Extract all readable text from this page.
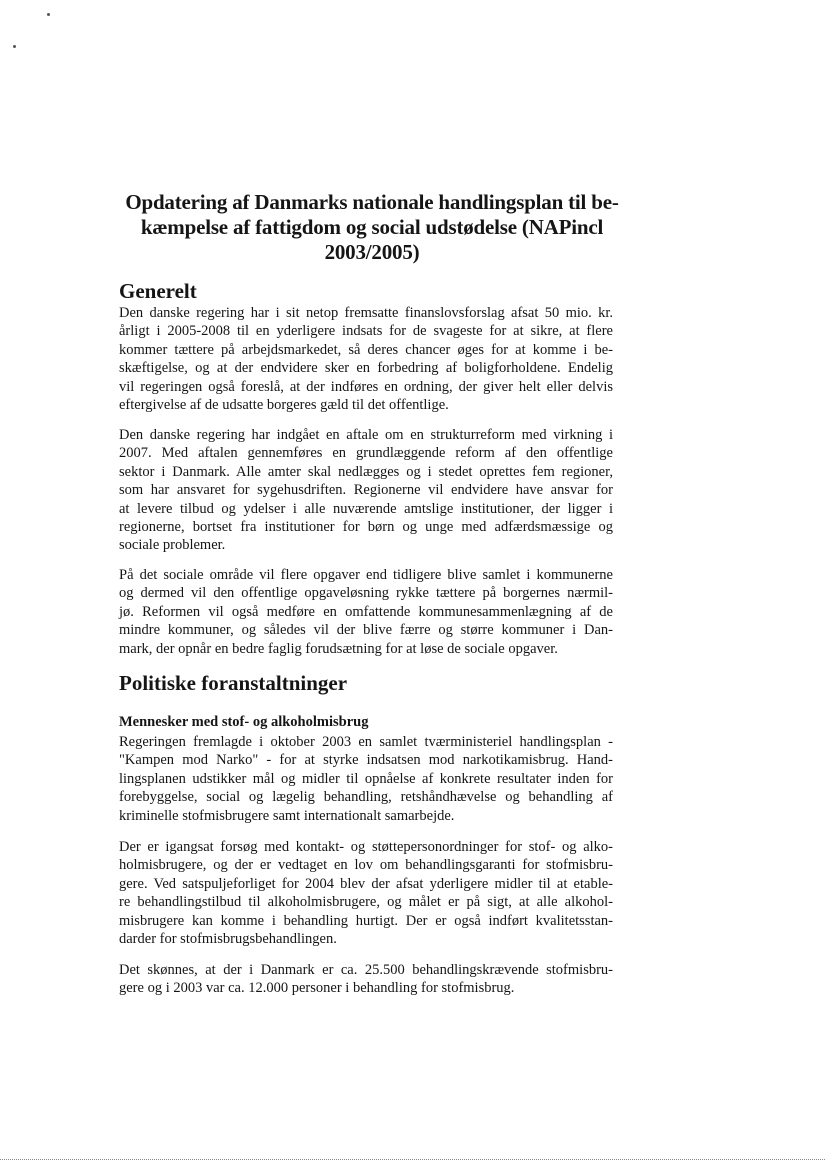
Opdatering af Danmarks nationale handlingsplan til be-
kæmpelse af fattigdom og social udstødelse (NAPincl
2003/2005)
Generelt

Den danske regering har i sit netop fremsatte finanslovsforslag afsat 50 mio. kr.
årligt i 2005-2008 til en yderligere indsats for de svageste for at sikre, at flere
kommer tættere på arbejdsmarkedet, så deres chancer øges for at komme i be-
skæftigelse, og at der endvidere sker en forbedring af boligforholdene. Endelig
vil regeringen også foreslå, at der indføres en ordning, der giver helt eller delvis
eftergivelse af de udsatte borgeres gæld til det offentlige.

Den danske regering har indgået en aftale om en strukturreform med virkning i
2007. Med aftalen gennemføres en grundlæggende reform af den offentlige
sektor i Danmark. Alle amter skal nedlægges og i stedet oprettes fem regioner,
som har ansvaret for sygehusdriften. Regionerne vil endvidere have ansvar for
at levere tilbud og ydelser i alle nuværende amtslige institutioner, der ligger i
regionerne, bortset fra institutioner for børn og unge med adfærdsmæssige og
sociale problemer.

På det sociale område vil flere opgaver end tidligere blive samlet i kommunerne
og dermed vil den offentlige opgaveløsning rykke tættere på borgernes nærmil-
jø. Reformen vil også medføre en omfattende kommunesammenlægning af de
mindre kommuner, og således vil der blive færre og større kommuner i Dan-
mark, der opnår en bedre faglig forudsætning for at løse de sociale opgaver.

Politiske foranstaltninger
Mennesker med stof- og alkoholmisbrug

Regeringen fremlagde i oktober 2003 en samlet tværministeriel handlingsplan -
"Kampen mod Narko" - for at styrke indsatsen mod narkotikamisbrug. Hand-
lingsplanen udstikker mål og midler til opnåelse af konkrete resultater inden for
forebyggelse, social og lægelig behandling, retshåndhævelse og behandling af
kriminelle stofmisbrugere samt internationalt samarbejde.

Der er igangsat forsøg med kontakt- og støttepersonordninger for stof- og alko-
holmisbrugere, og der er vedtaget en lov om behandlingsgaranti for stofmisbru-
gere. Ved satspuljeforliget for 2004 blev der afsat yderligere midler til at etable-
re behandlingstilbud til alkoholmisbrugere, og målet er på sigt, at alle alkohol-
misbrugere kan komme i behandling hurtigt. Der er også indført kvalitetsstan-
darder for stofmisbrugsbehandlingen.

Det skønnes, at der i Danmark er ca. 25.500 behandlingskrævende stofmisbru-
gere og i 2003 var ca. 12.000 personer i behandling for stofmisbrug.
